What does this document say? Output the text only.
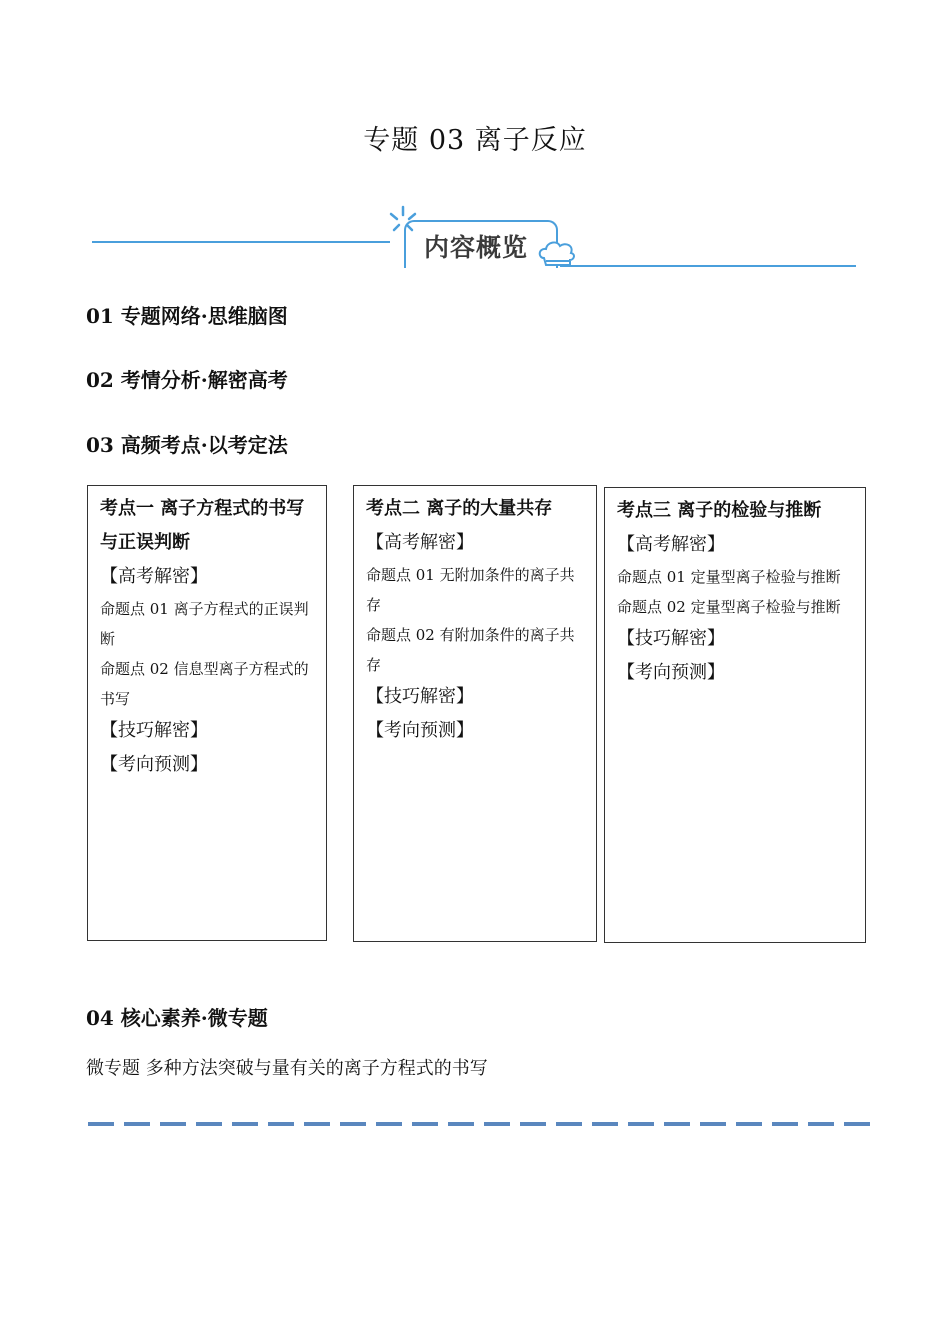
专题 03 离子反应
内容概览
01 专题网络·思维脑图
02 考情分析·解密高考
03 高频考点·以考定法
考点一 离子方程式的书写与正误判断
【高考解密】
命题点 01 离子方程式的正误判断
命题点 02 信息型离子方程式的书写
【技巧解密】
【考向预测】
考点二 离子的大量共存
【高考解密】
命题点 01 无附加条件的离子共存
命题点 02 有附加条件的离子共存
【技巧解密】
【考向预测】
考点三 离子的检验与推断
【高考解密】
命题点 01 定量型离子检验与推断
命题点 02 定量型离子检验与推断
【技巧解密】
【考向预测】
04 核心素养·微专题
微专题 多种方法突破与量有关的离子方程式的书写
